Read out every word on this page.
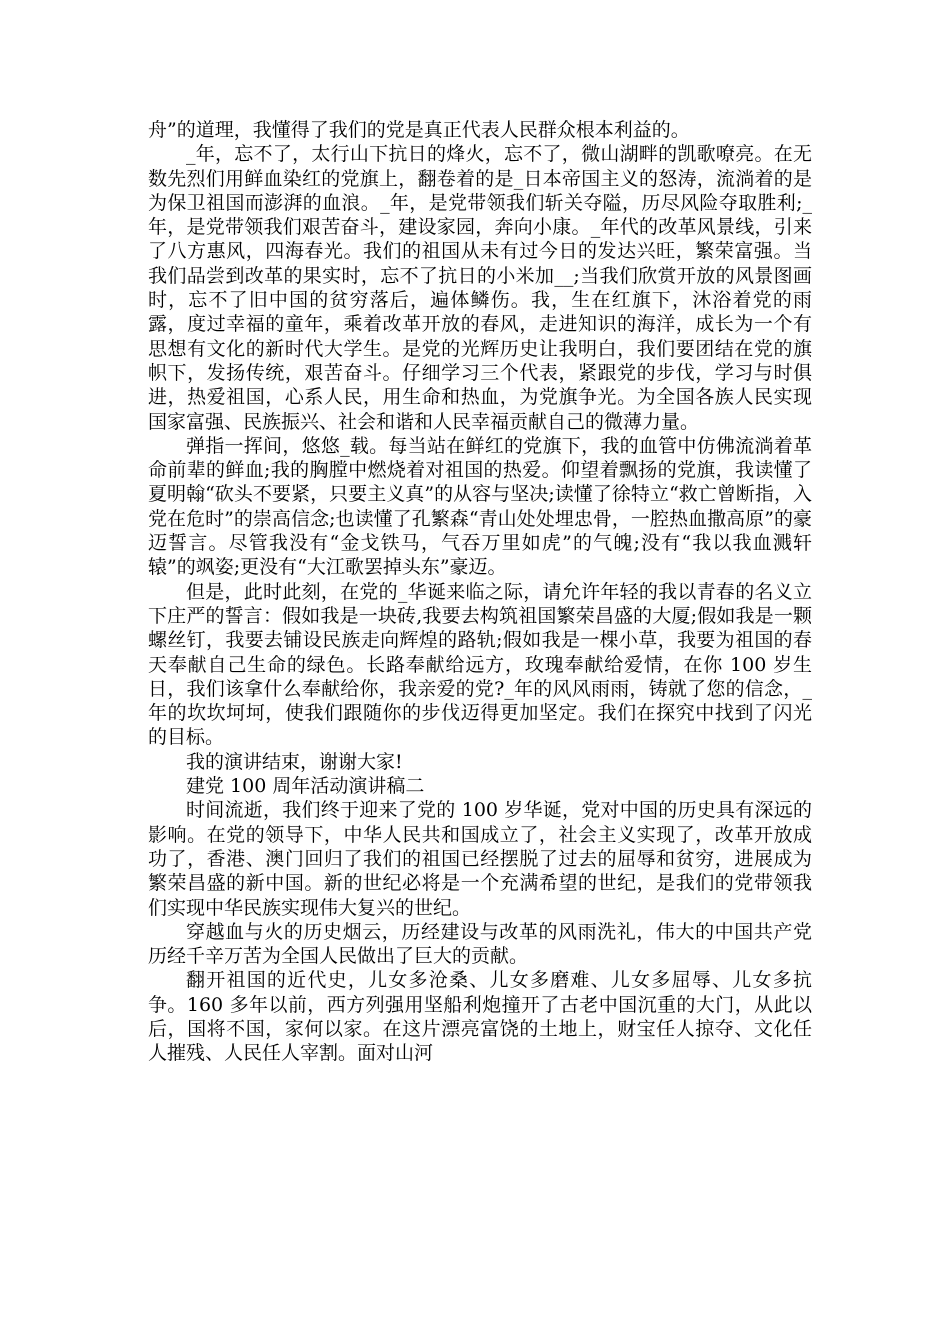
舟”的道理，我懂得了我们的党是真正代表人民群众根本利益的。

_年，忘不了，太行山下抗日的烽火，忘不了，微山湖畔的凯歌嘹亮。在无数先烈们用鲜血染红的党旗上，翻卷着的是_日本帝国主义的怒涛，流淌着的是为保卫祖国而澎湃的血浪。_年，是党带领我们斩关夺隘，历尽风险夺取胜利;_年，是党带领我们艰苦奋斗，建设家园，奔向小康。_年代的改革风景线，引来了八方惠风，四海春光。我们的祖国从未有过今日的发达兴旺，繁荣富强。当我们品尝到改革的果实时，忘不了抗日的小米加__;当我们欣赏开放的风景图画时，忘不了旧中国的贫穷落后，遍体鳞伤。我，生在红旗下，沐浴着党的雨露，度过幸福的童年，乘着改革开放的春风，走进知识的海洋，成长为一个有思想有文化的新时代大学生。是党的光辉历史让我明白，我们要团结在党的旗帜下，发扬传统，艰苦奋斗。仔细学习三个代表，紧跟党的步伐，学习与时俱进，热爱祖国，心系人民，用生命和热血，为党旗争光。为全国各族人民实现国家富强、民族振兴、社会和谐和人民幸福贡献自己的微薄力量。

弹指一挥间，悠悠_载。每当站在鲜红的党旗下，我的血管中仿佛流淌着革命前辈的鲜血;我的胸膛中燃烧着对祖国的热爱。仰望着飘扬的党旗，我读懂了夏明翰“砍头不要紧，只要主义真”的从容与坚决;读懂了徐特立“救亡曾断指，入党在危时”的崇高信念;也读懂了孔繁森“青山处处埋忠骨，一腔热血撒高原”的豪迈誓言。尽管我没有“金戈铁马，气吞万里如虎”的气魄;没有“我以我血溅轩辕”的飒姿;更没有“大江歌罢掉头东”豪迈。

但是，此时此刻，在党的_华诞来临之际，请允许年轻的我以青春的名义立下庄严的誓言：假如我是一块砖,我要去构筑祖国繁荣昌盛的大厦;假如我是一颗螺丝钉，我要去铺设民族走向辉煌的路轨;假如我是一棵小草，我要为祖国的春天奉献自己生命的绿色。长路奉献给远方，玫瑰奉献给爱情，在你 100 岁生日，我们该拿什么奉献给你，我亲爱的党?_年的风风雨雨，铸就了您的信念，_年的坎坎坷坷，使我们跟随你的步伐迈得更加坚定。我们在探究中找到了闪光的目标。

我的演讲结束，谢谢大家!

建党 100 周年活动演讲稿二

时间流逝，我们终于迎来了党的 100 岁华诞，党对中国的历史具有深远的影响。在党的领导下，中华人民共和国成立了，社会主义实现了，改革开放成功了，香港、澳门回归了我们的祖国已经摆脱了过去的屈辱和贫穷，进展成为繁荣昌盛的新中国。新的世纪必将是一个充满希望的世纪，是我们的党带领我们实现中华民族实现伟大复兴的世纪。

穿越血与火的历史烟云，历经建设与改革的风雨洗礼，伟大的中国共产党历经千辛万苦为全国人民做出了巨大的贡献。

翻开祖国的近代史，儿女多沧桑、儿女多磨难、儿女多屈辱、儿女多抗争。160 多年以前，西方列强用坚船利炮撞开了古老中国沉重的大门，从此以后，国将不国，家何以家。在这片漂亮富饶的土地上，财宝任人掠夺、文化任人摧残、人民任人宰割。面对山河
